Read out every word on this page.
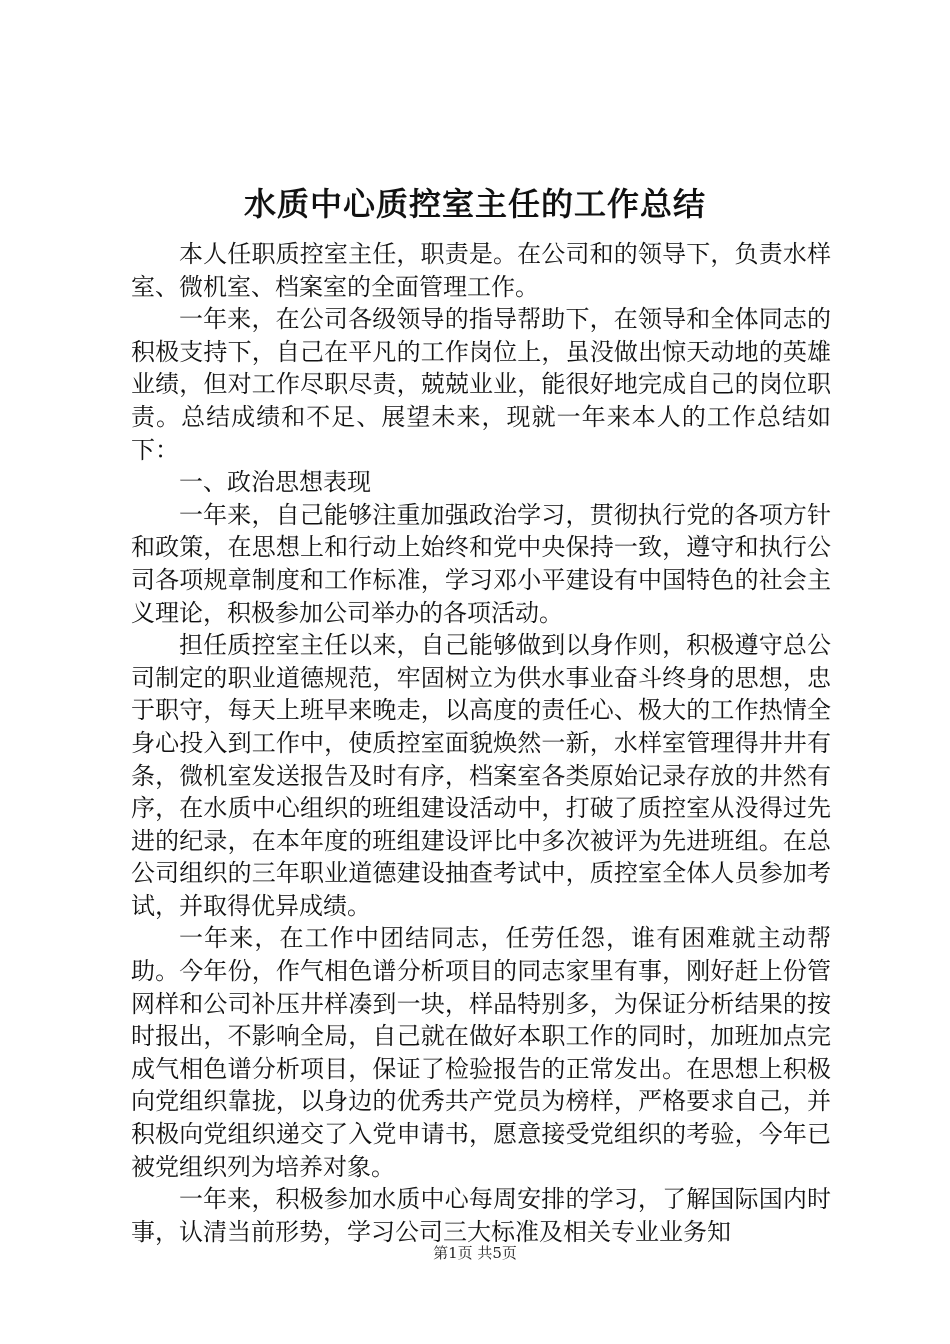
水质中心质控室主任的工作总结

本人任职质控室主任，职责是。在公司和的领导下，负责水样室、微机室、档案室的全面管理工作。

一年来，在公司各级领导的指导帮助下，在领导和全体同志的积极支持下，自己在平凡的工作岗位上，虽没做出惊天动地的英雄业绩，但对工作尽职尽责，兢兢业业，能很好地完成自己的岗位职责。总结成绩和不足、展望未来，现就一年来本人的工作总结如下：

一、政治思想表现

一年来，自己能够注重加强政治学习，贯彻执行党的各项方针和政策，在思想上和行动上始终和党中央保持一致，遵守和执行公司各项规章制度和工作标准，学习邓小平建设有中国特色的社会主义理论，积极参加公司举办的各项活动。

担任质控室主任以来，自己能够做到以身作则，积极遵守总公司制定的职业道德规范，牢固树立为供水事业奋斗终身的思想，忠于职守，每天上班早来晚走，以高度的责任心、极大的工作热情全身心投入到工作中，使质控室面貌焕然一新，水样室管理得井井有条，微机室发送报告及时有序，档案室各类原始记录存放的井然有序，在水质中心组织的班组建设活动中，打破了质控室从没得过先进的纪录，在本年度的班组建设评比中多次被评为先进班组。在总公司组织的三年职业道德建设抽查考试中，质控室全体人员参加考试，并取得优异成绩。

一年来，在工作中团结同志，任劳任怨，谁有困难就主动帮助。今年份，作气相色谱分析项目的同志家里有事，刚好赶上份管网样和公司补压井样凑到一块，样品特别多，为保证分析结果的按时报出，不影响全局，自己就在做好本职工作的同时，加班加点完成气相色谱分析项目，保证了检验报告的正常发出。在思想上积极向党组织靠拢，以身边的优秀共产党员为榜样，严格要求自己，并积极向党组织递交了入党申请书，愿意接受党组织的考验，今年已被党组织列为培养对象。

一年来，积极参加水质中心每周安排的学习，了解国际国内时事，认清当前形势，学习公司三大标准及相关专业业务知

第1页 共5页
